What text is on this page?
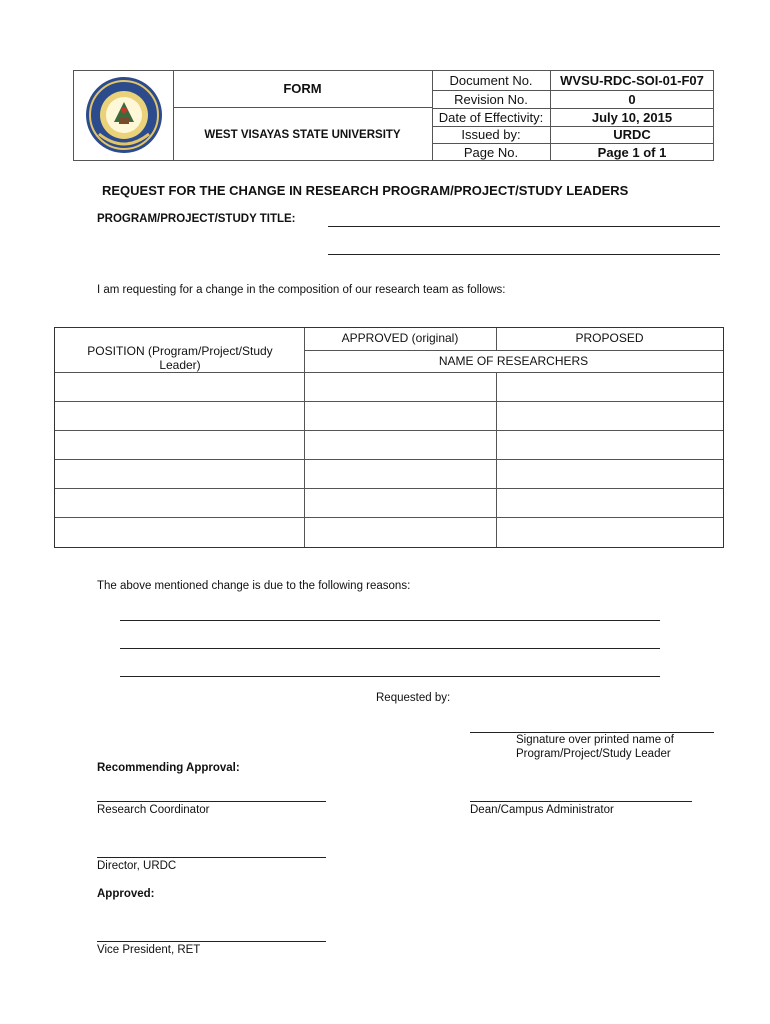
FORM
WEST VISAYAS STATE UNIVERSITY
Document No.	WVSU-RDC-SOI-01-F07
Revision No.	0
Date of Effectivity:	July 10, 2015
Issued by:	URDC
Page No.	Page 1 of 1
REQUEST FOR THE CHANGE IN RESEARCH PROGRAM/PROJECT/STUDY LEADERS
PROGRAM/PROJECT/STUDY TITLE:
I am requesting for a change in the composition of our research team as follows:
POSITION (Program/Project/Study Leader)
APPROVED (original)	PROPOSED
NAME OF RESEARCHERS
The above mentioned change is due to the following reasons:
Requested by:
Signature over printed name of
Program/Project/Study Leader
Recommending Approval:
Research Coordinator	Dean/Campus Administrator
Director, URDC
Approved:
Vice President, RET
